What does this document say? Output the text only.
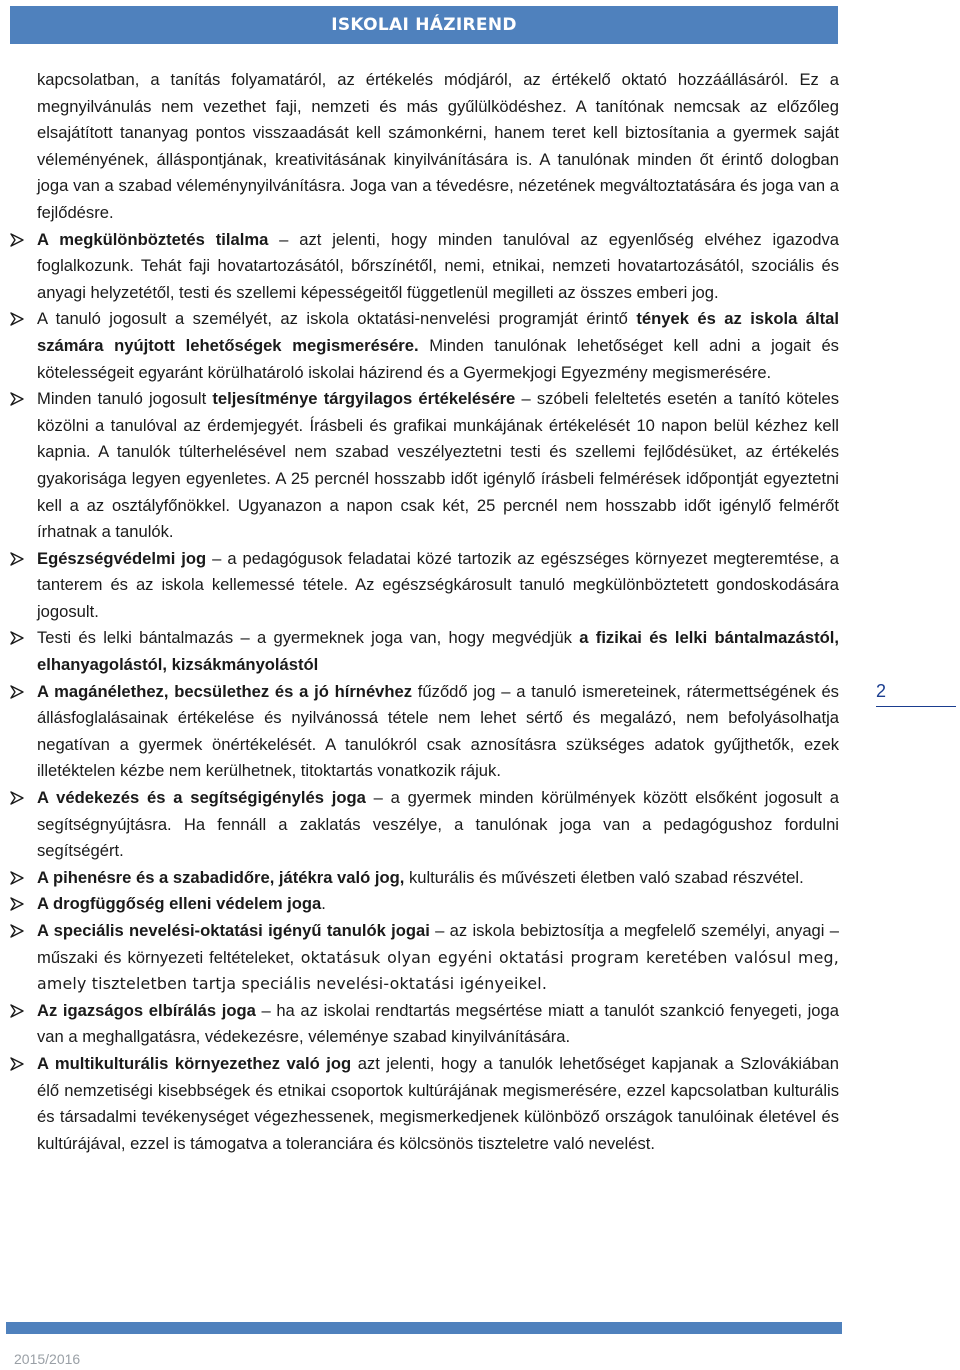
ISKOLAI HÁZIREND

kapcsolatban, a tanítás folyamatáról, az értékelés módjáról, az értékelő oktató hozzáállásáról. Ez a megnyilvánulás nem vezethet faji, nemzeti és más gyűlülködéshez. A tanítónak nemcsak az előzőleg elsajátított tananyag pontos visszaadását kell számonkérni, hanem teret kell biztosítania a gyermek saját véleményének, álláspontjának, kreativitásának kinyilvánítására is. A tanulónak minden őt érintő dologban joga van a szabad véleménynyilvánításra. Joga van a tévedésre, nézetének megváltoztatására és joga van a fejlődésre.

A megkülönböztetés tilalma – azt jelenti, hogy minden tanulóval az egyenlőség elvéhez igazodva foglalkozunk. Tehát faji hovatartozásától, bőrszínétől, nemi, etnikai, nemzeti hovatartozásától, szociális és anyagi helyzetétől, testi és szellemi képességeitől függetlenül megilleti az összes emberi jog.

A tanuló jogosult a személyét, az iskola oktatási-nenvelési programját érintő tények és az iskola által számára nyújtott lehetőségek megismerésére. Minden tanulónak lehetőséget kell adni a jogait és kötelességeit egyaránt körülhatároló iskolai házirend és a Gyermekjogi Egyezmény megismerésére.

Minden tanuló jogosult teljesítménye tárgyilagos értékelésére – szóbeli feleltetés esetén a tanító köteles közölni a tanulóval az érdemjegyét. Írásbeli és grafikai munkájának értékelését 10 napon belül kézhez kell kapnia. A tanulók túlterhelésével nem szabad veszélyeztetni testi és szellemi fejlődésüket, az értékelés gyakorisága legyen egyenletes. A 25 percnél hosszabb időt igénylő írásbeli felmérések időpontját egyeztetni kell a az osztályfőnökkel. Ugyanazon a napon csak két, 25 percnél nem hosszabb időt igénylő felmérőt írhatnak a tanulók.

Egészségvédelmi jog – a pedagógusok feladatai közé tartozik az egészséges környezet megteremtése, a tanterem és az iskola kellemessé tétele. Az egészségkárosult tanuló megkülönböztetett gondoskodására jogosult.

Testi és lelki bántalmazás – a gyermeknek joga van, hogy megvédjük a fizikai és lelki bántalmazástól, elhanyagolástól, kizsákmányolástól

A magánélethez, becsülethez és a jó hírnévhez fűződő jog – a tanuló ismereteinek, rátermettségének és állásfoglalásainak értékelése és nyilvánossá tétele nem lehet sértő és megalázó, nem befolyásolhatja negatívan a gyermek önértékelését. A tanulókról csak aznosításra szükséges adatok gyűjthetők, ezek illetéktelen kézbe nem kerülhetnek, titoktartás vonatkozik rájuk.

A védekezés és a segítségigénylés joga – a gyermek minden körülmények között elsőként jogosult a segítségnyújtásra. Ha fennáll a zaklatás veszélye, a tanulónak joga van a pedagógushoz fordulni segítségért.

A pihenésre és a szabadidőre, játékra való jog, kulturális és művészeti életben való szabad részvétel.

A drogfüggőség elleni védelem joga.

A speciális nevelési-oktatási igényű tanulók jogai – az iskola bebiztosítja a megfelelő személyi, anyagi – műszaki és környezeti feltételeket, oktatásuk olyan egyéni oktatási program keretében valósul meg, amely tiszteletben tartja speciális nevelési-oktatási igényeikel.

Az igazságos elbírálás joga – ha az iskolai rendtartás megsértése miatt a tanulót szankció fenyegeti, joga van a meghallgatásra, védekezésre, véleménye szabad kinyilvánítására.

A multikulturális környezethez való jog azt jelenti, hogy a tanulók lehetőséget kapjanak a Szlovákiában élő nemzetiségi kisebbségek és etnikai csoportok kultúrájának megismerésére, ezzel kapcsolatban kulturális és társadalmi tevékenységet végezhessenek, megismerkedjenek különböző országok tanulóinak életével és kultúrájával, ezzel is támogatva a toleranciára és kölcsönös tiszteletre való nevelést.

2
2015/2016
